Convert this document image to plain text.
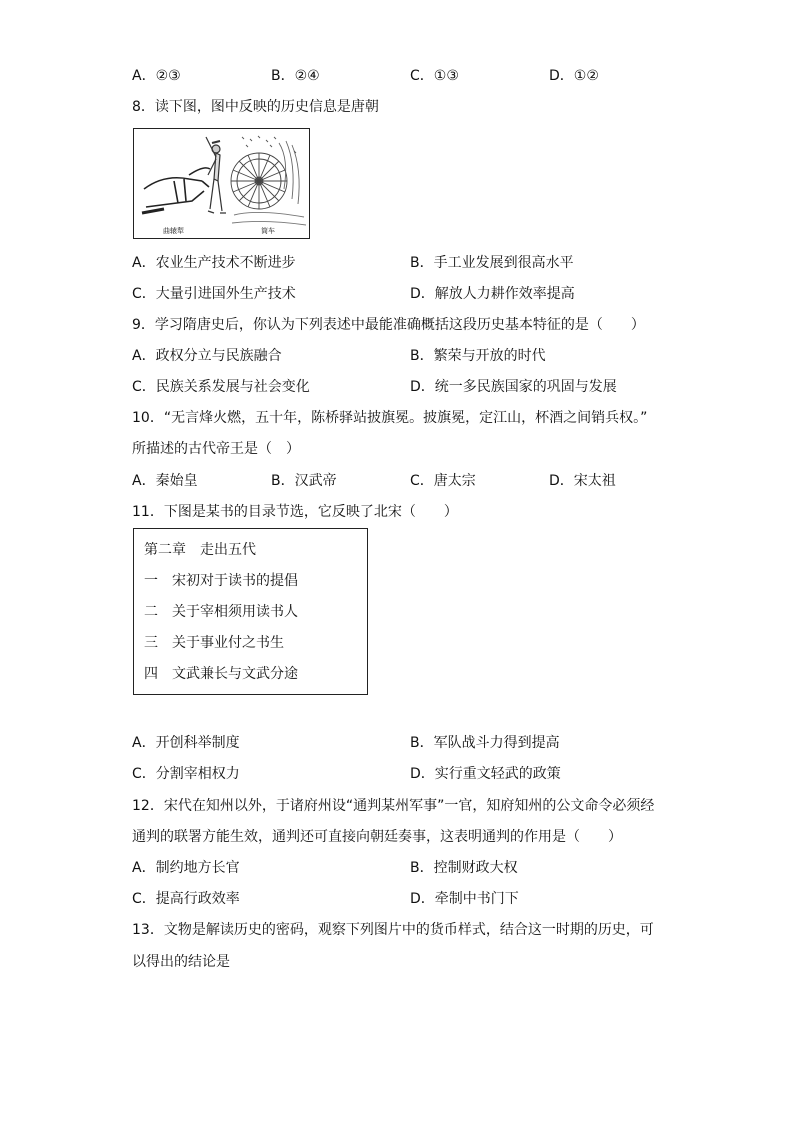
A．②③	B．②④	C．①③	D．①②
8．读下图，图中反映的历史信息是唐朝
曲辕犁	筒车
A．农业生产技术不断进步	B．手工业发展到很高水平
C．大量引进国外生产技术	D．解放人力耕作效率提高
9．学习隋唐史后，你认为下列表述中最能准确概括这段历史基本特征的是（　　）
A．政权分立与民族融合	B．繁荣与开放的时代
C．民族关系发展与社会变化	D．统一多民族国家的巩固与发展
10．“无言烽火燃，五十年，陈桥驿站披旗冕。披旗冕，定江山，杯酒之间销兵权。”
所描述的古代帝王是（　）
A．秦始皇	B．汉武帝	C．唐太宗	D．宋太祖
11．下图是某书的目录节选，它反映了北宋（　　）
第二章　走出五代
一　宋初对于读书的提倡
二　关于宰相须用读书人
三　关于事业付之书生
四　文武兼长与文武分途
A．开创科举制度	B．军队战斗力得到提高
C．分割宰相权力	D．实行重文轻武的政策
12．宋代在知州以外，于诸府州设“通判某州军事”一官，知府知州的公文命令必须经
通判的联署方能生效，通判还可直接向朝廷奏事，这表明通判的作用是（　　）
A．制约地方长官	B．控制财政大权
C．提高行政效率	D．牵制中书门下
13．文物是解读历史的密码，观察下列图片中的货币样式，结合这一时期的历史，可
以得出的结论是
